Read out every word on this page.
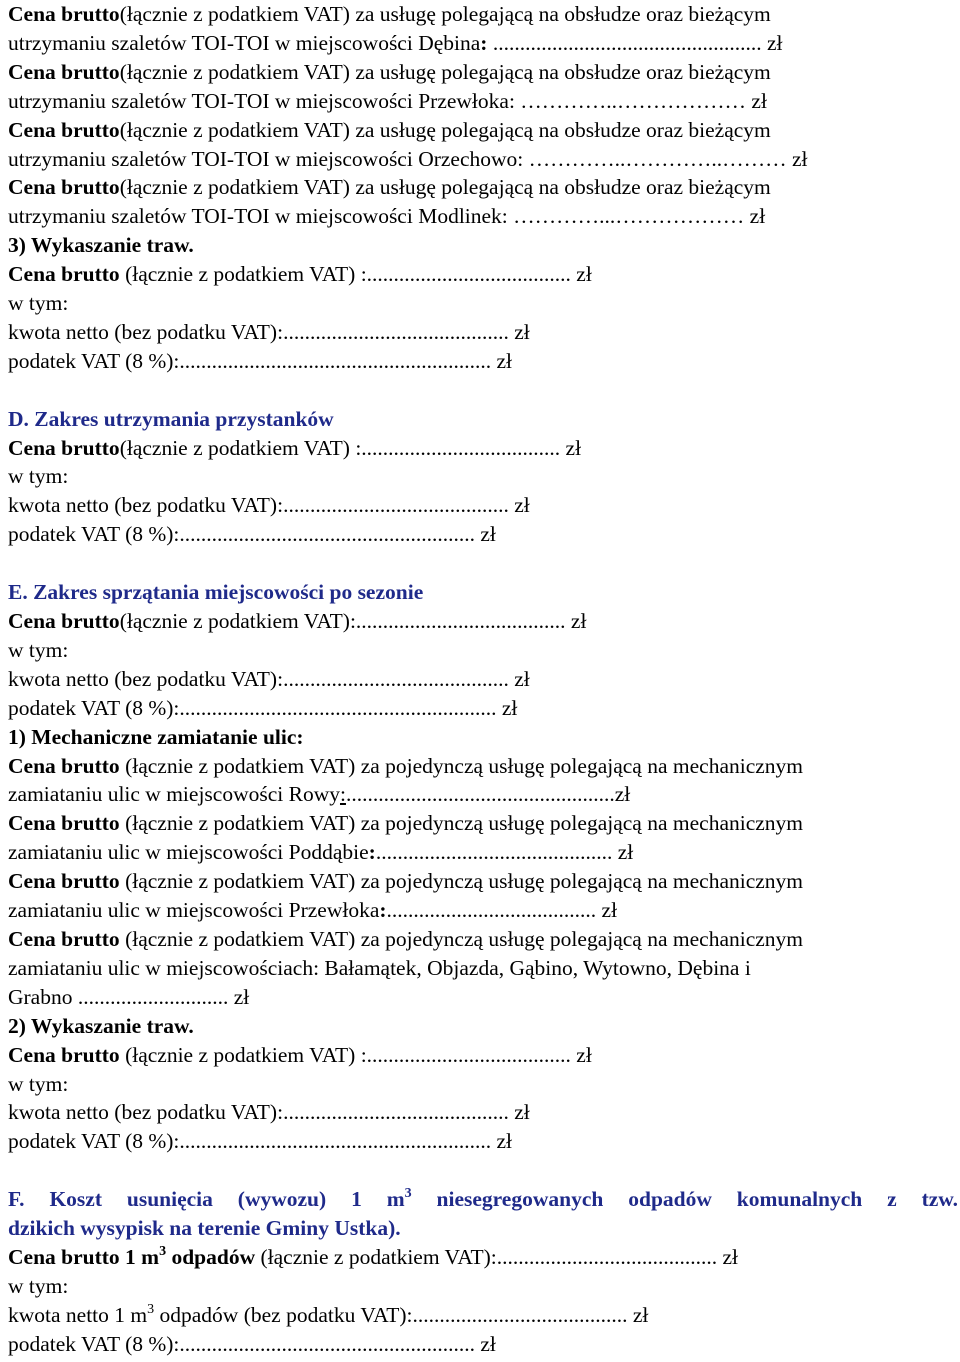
Cena brutto(łącznie z podatkiem VAT) za usługę polegającą na obsłudze oraz bieżącym
utrzymaniu szaletów TOI-TOI w miejscowości Dębina: .................................................. zł
Cena brutto(łącznie z podatkiem VAT) za usługę polegającą na obsłudze oraz bieżącym
utrzymaniu szaletów TOI-TOI w miejscowości Przewłoka: …………..……………… zł
Cena brutto(łącznie z podatkiem VAT) za usługę polegającą na obsłudze oraz bieżącym
utrzymaniu szaletów TOI-TOI w miejscowości Orzechowo: …………..…………..……… zł
Cena brutto(łącznie z podatkiem VAT) za usługę polegającą na obsłudze oraz bieżącym
utrzymaniu szaletów TOI-TOI w miejscowości Modlinek: …………...……………… zł
3) Wykaszanie traw.
Cena brutto (łącznie z podatkiem VAT) :...................................... zł
w tym:
kwota netto (bez podatku VAT):.......................................... zł
podatek VAT (8 %):.......................................................... zł
D. Zakres utrzymania przystanków
Cena brutto(łącznie z podatkiem VAT) :..................................... zł
w tym:
kwota netto (bez podatku VAT):.......................................... zł
podatek VAT (8 %):....................................................... zł
E. Zakres sprzątania miejscowości po sezonie
Cena brutto(łącznie z podatkiem VAT):....................................... zł
w tym:
kwota netto (bez podatku VAT):.......................................... zł
podatek VAT (8 %):........................................................... zł
1) Mechaniczne zamiatanie ulic:
Cena brutto (łącznie z podatkiem VAT) za pojedynczą usługę polegającą na mechanicznym
zamiataniu ulic w miejscowości Rowy:..................................................zł
Cena brutto (łącznie z podatkiem VAT) za pojedynczą usługę polegającą na mechanicznym
zamiataniu ulic w miejscowości Poddąbie:............................................ zł
Cena brutto (łącznie z podatkiem VAT) za pojedynczą usługę polegającą na mechanicznym
zamiataniu ulic w miejscowości Przewłoka:....................................... zł
Cena brutto (łącznie z podatkiem VAT) za pojedynczą usługę polegającą na mechanicznym
zamiataniu ulic w miejscowościach: Bałamątek, Objazda, Gąbino, Wytowno, Dębina i
Grabno ............................ zł
2) Wykaszanie traw.
Cena brutto (łącznie z podatkiem VAT) :...................................... zł
w tym:
kwota netto (bez podatku VAT):.......................................... zł
podatek VAT (8 %):.......................................................... zł
F. Koszt usunięcia (wywozu) 1 $m^3$ niesegregowanych odpadów komunalnych z tzw.
dzikich wysypisk na terenie Gminy Ustka).
Cena brutto 1 $m^3$ odpadów (łącznie z podatkiem VAT):......................................... zł
w tym:
kwota netto 1 $m^3$ odpadów (bez podatku VAT):........................................ zł
podatek VAT (8 %):....................................................... zł
